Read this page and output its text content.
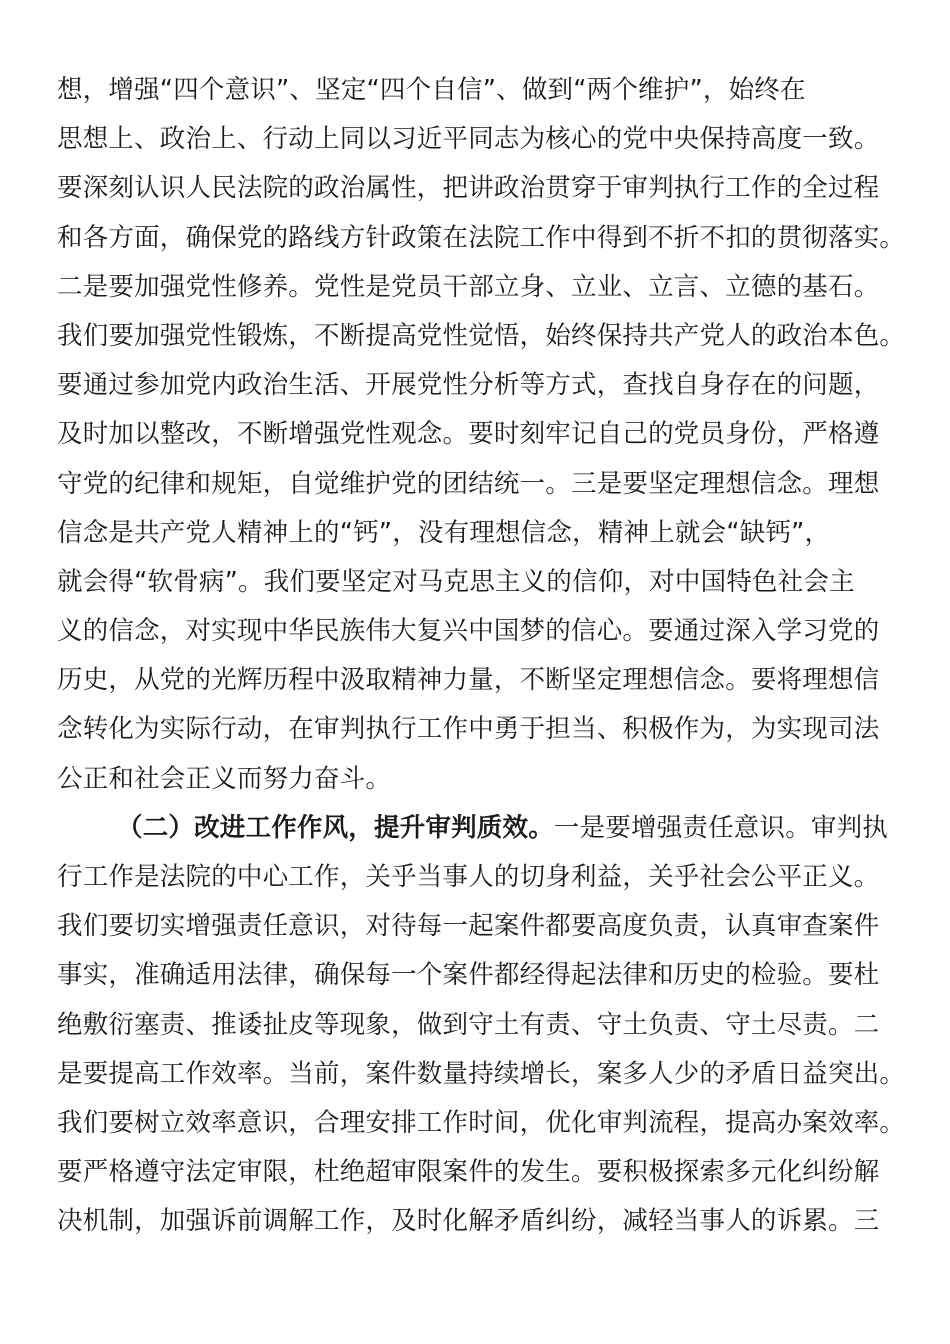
想，增强“四个意识”、坚定“四个自信”、做到“两个维护”，始终在
思想上、政治上、行动上同以习近平同志为核心的党中央保持高度一致。
要深刻认识人民法院的政治属性，把讲政治贯穿于审判执行工作的全过程
和各方面，确保党的路线方针政策在法院工作中得到不折不扣的贯彻落实。
二是要加强党性修养。党性是党员干部立身、立业、立言、立德的基石。
我们要加强党性锻炼，不断提高党性觉悟，始终保持共产党人的政治本色。
要通过参加党内政治生活、开展党性分析等方式，查找自身存在的问题，
及时加以整改，不断增强党性观念。要时刻牢记自己的党员身份，严格遵
守党的纪律和规矩，自觉维护党的团结统一。三是要坚定理想信念。理想
信念是共产党人精神上的“钙”，没有理想信念，精神上就会“缺钙”，
就会得“软骨病”。我们要坚定对马克思主义的信仰，对中国特色社会主
义的信念，对实现中华民族伟大复兴中国梦的信心。要通过深入学习党的
历史，从党的光辉历程中汲取精神力量，不断坚定理想信念。要将理想信
念转化为实际行动，在审判执行工作中勇于担当、积极作为，为实现司法
公正和社会正义而努力奋斗。
（二）改进工作作风，提升审判质效。一是要增强责任意识。审判执
行工作是法院的中心工作，关乎当事人的切身利益，关乎社会公平正义。
我们要切实增强责任意识，对待每一起案件都要高度负责，认真审查案件
事实，准确适用法律，确保每一个案件都经得起法律和历史的检验。要杜
绝敷衍塞责、推诿扯皮等现象，做到守土有责、守土负责、守土尽责。二
是要提高工作效率。当前，案件数量持续增长，案多人少的矛盾日益突出。
我们要树立效率意识，合理安排工作时间，优化审判流程，提高办案效率。
要严格遵守法定审限，杜绝超审限案件的发生。要积极探索多元化纠纷解
决机制，加强诉前调解工作，及时化解矛盾纠纷，减轻当事人的诉累。三
